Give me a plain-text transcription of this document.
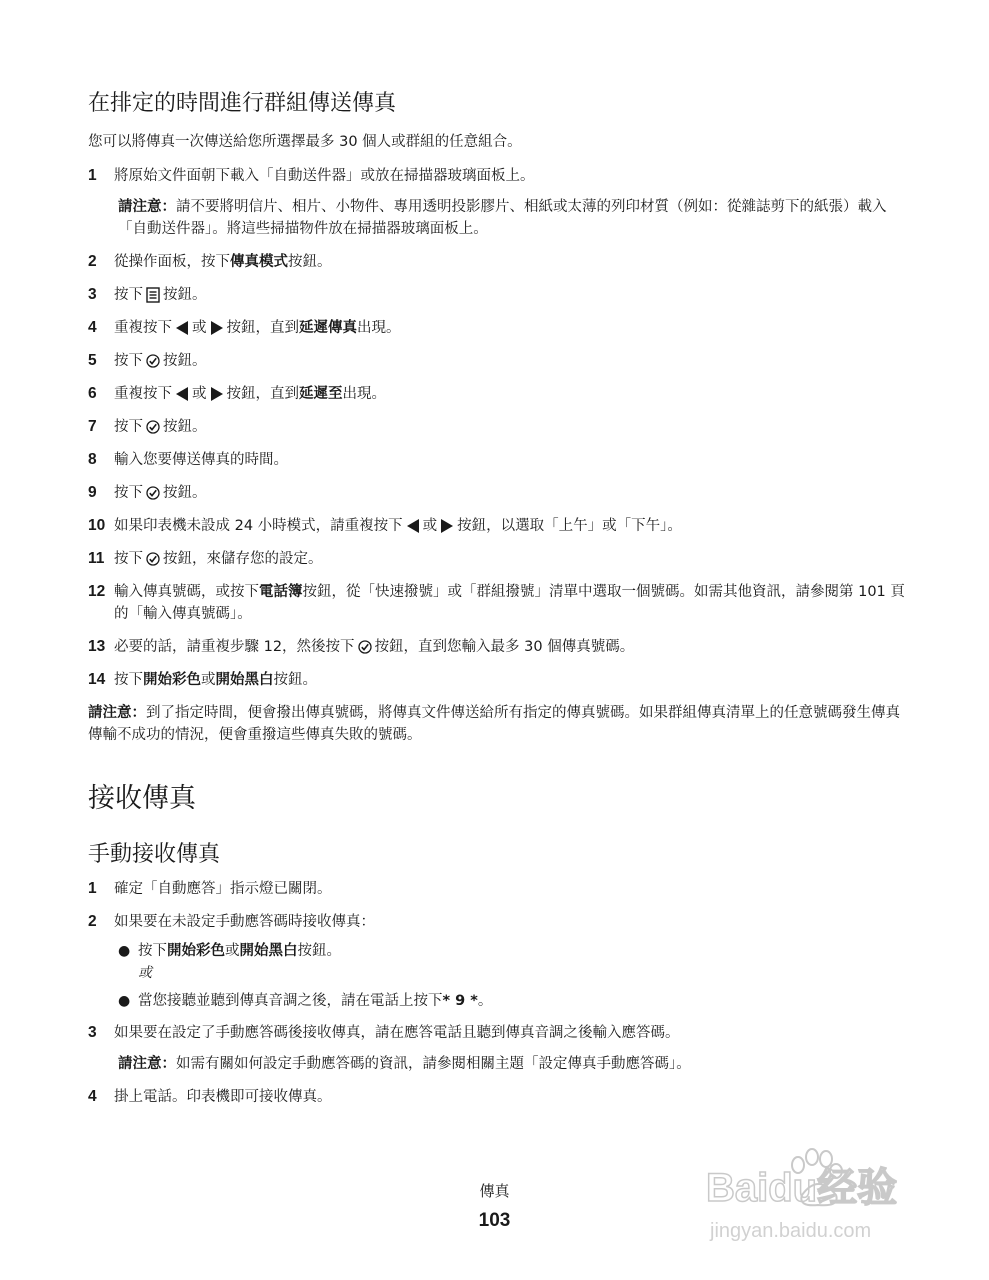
在排定的時間進行群組傳送傳真

您可以將傳真一次傳送給您所選擇最多 30 個人或群組的任意組合。

1	將原始文件面朝下載入「自動送件器」或放在掃描器玻璃面板上。
請注意：請不要將明信片、相片、小物件、專用透明投影膠片、相紙或太薄的列印材質（例如：從雜誌剪下的紙張）載入「自動送件器」。將這些掃描物件放在掃描器玻璃面板上。
2	從操作面板，按下傳真模式按鈕。
3	按下 按鈕。
4	重複按下 或 按鈕，直到延遲傳真出現。
5	按下 按鈕。
6	重複按下 或 按鈕，直到延遲至出現。
7	按下 按鈕。
8	輸入您要傳送傳真的時間。
9	按下 按鈕。
10 如果印表機未設成 24 小時模式，請重複按下 或 按鈕，以選取「上午」或「下午」。
11 按下 按鈕，來儲存您的設定。
12 輸入傳真號碼，或按下電話簿按鈕，從「快速撥號」或「群組撥號」清單中選取一個號碼。如需其他資訊，請參閱第 101 頁的「輸入傳真號碼」。
13 必要的話，請重複步驟 12，然後按下 按鈕，直到您輸入最多 30 個傳真號碼。
14 按下開始彩色或開始黑白按鈕。

請注意：到了指定時間，便會撥出傳真號碼，將傳真文件傳送給所有指定的傳真號碼。如果群組傳真清單上的任意號碼發生傳真傳輸不成功的情況，便會重撥這些傳真失敗的號碼。

接收傳真
手動接收傳真
1	確定「自動應答」指示燈已關閉。
2	如果要在未設定手動應答碼時接收傳真：
● 按下開始彩色或開始黑白按鈕。
或
● 當您接聽並聽到傳真音調之後，請在電話上按下* 9 *。
3	如果要在設定了手動應答碼後接收傳真，請在應答電話且聽到傳真音調之後輸入應答碼。
請注意：如需有關如何設定手動應答碼的資訊，請參閱相關主題「設定傳真手動應答碼」。
4	掛上電話。印表機即可接收傳真。
傳真
103
Baidu经验
jingyan.baidu.com
